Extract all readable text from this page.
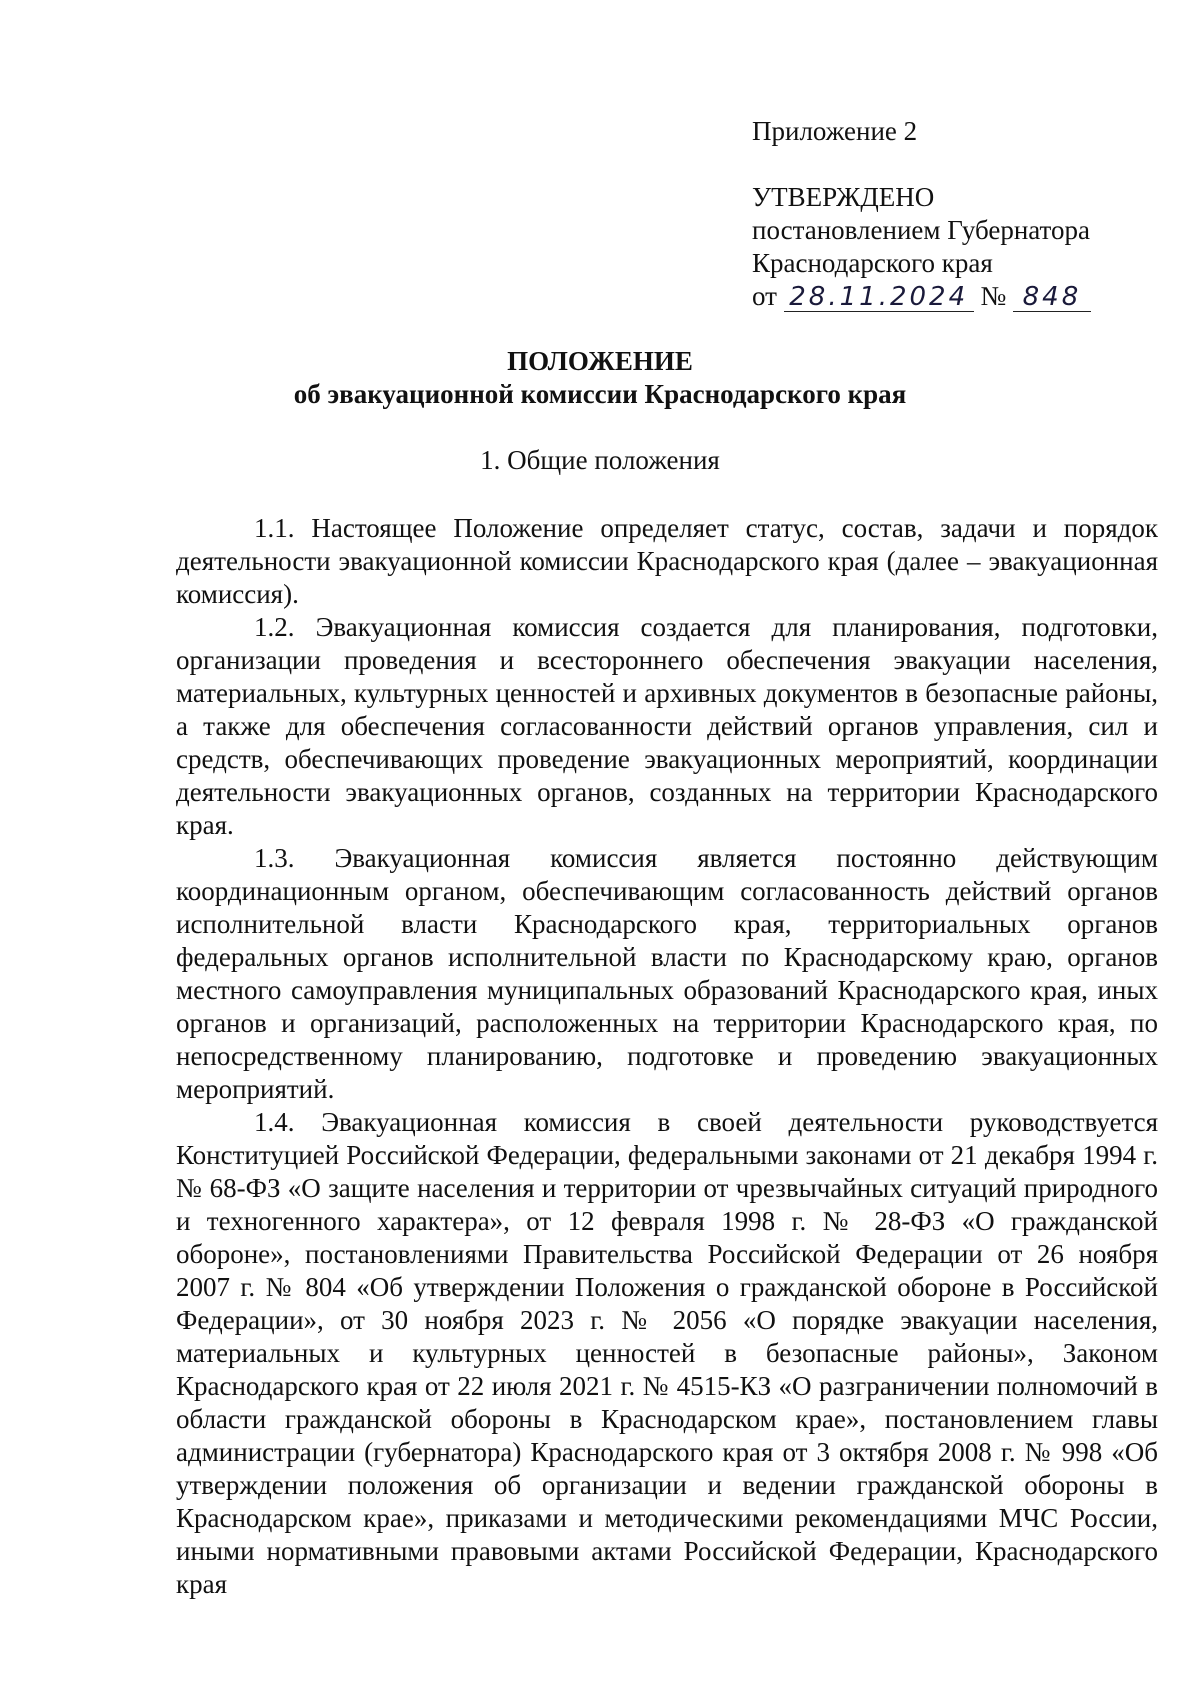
Приложение 2

УТВЕРЖДЕНО

постановлением Губернатора

Краснодарского края

от 28.11.2024 № 848

ПОЛОЖЕНИЕ
об эвакуационной комиссии Краснодарского края
1. Общие положения

1.1. Настоящее Положение определяет статус, состав, задачи и порядок деятельности эвакуационной комиссии Краснодарского края (далее – эвакуационная комиссия).

1.2. Эвакуационная комиссия создается для планирования, подготовки, организации проведения и всестороннего обеспечения эвакуации населения, материальных, культурных ценностей и архивных документов в безопасные районы, а также для обеспечения согласованности действий органов управления, сил и средств, обеспечивающих проведение эвакуационных мероприятий, координации деятельности эвакуационных органов, созданных на территории Краснодарского края.

1.3. Эвакуационная комиссия является постоянно действующим координационным органом, обеспечивающим согласованность действий органов исполнительной власти Краснодарского края, территориальных органов федеральных органов исполнительной власти по Краснодарскому краю, органов местного самоуправления муниципальных образований Краснодарского края, иных органов и организаций, расположенных на территории Краснодарского края, по непосредственному планированию, подготовке и проведению эвакуационных мероприятий.

1.4. Эвакуационная комиссия в своей деятельности руководствуется Конституцией Российской Федерации, федеральными законами от 21 декабря 1994 г. № 68-ФЗ «О защите населения и территории от чрезвычайных ситуаций природного и техногенного характера», от 12 февраля 1998 г. № 28-ФЗ «О гражданской обороне», постановлениями Правительства Российской Федерации от 26 ноября 2007 г. № 804 «Об утверждении Положения о гражданской обороне в Российской Федерации», от 30 ноября 2023 г. № 2056 «О порядке эвакуации населения, материальных и культурных ценностей в безопасные районы», Законом Краснодарского края от 22 июля 2021 г. № 4515-КЗ «О разграничении полномочий в области гражданской обороны в Краснодарском крае», постановлением главы администрации (губернатора) Краснодарского края от 3 октября 2008 г. № 998 «Об утверждении положения об организации и ведении гражданской обороны в Краснодарском крае», приказами и методическими рекомендациями МЧС России, иными нормативными правовыми актами Российской Федерации, Краснодарского края
